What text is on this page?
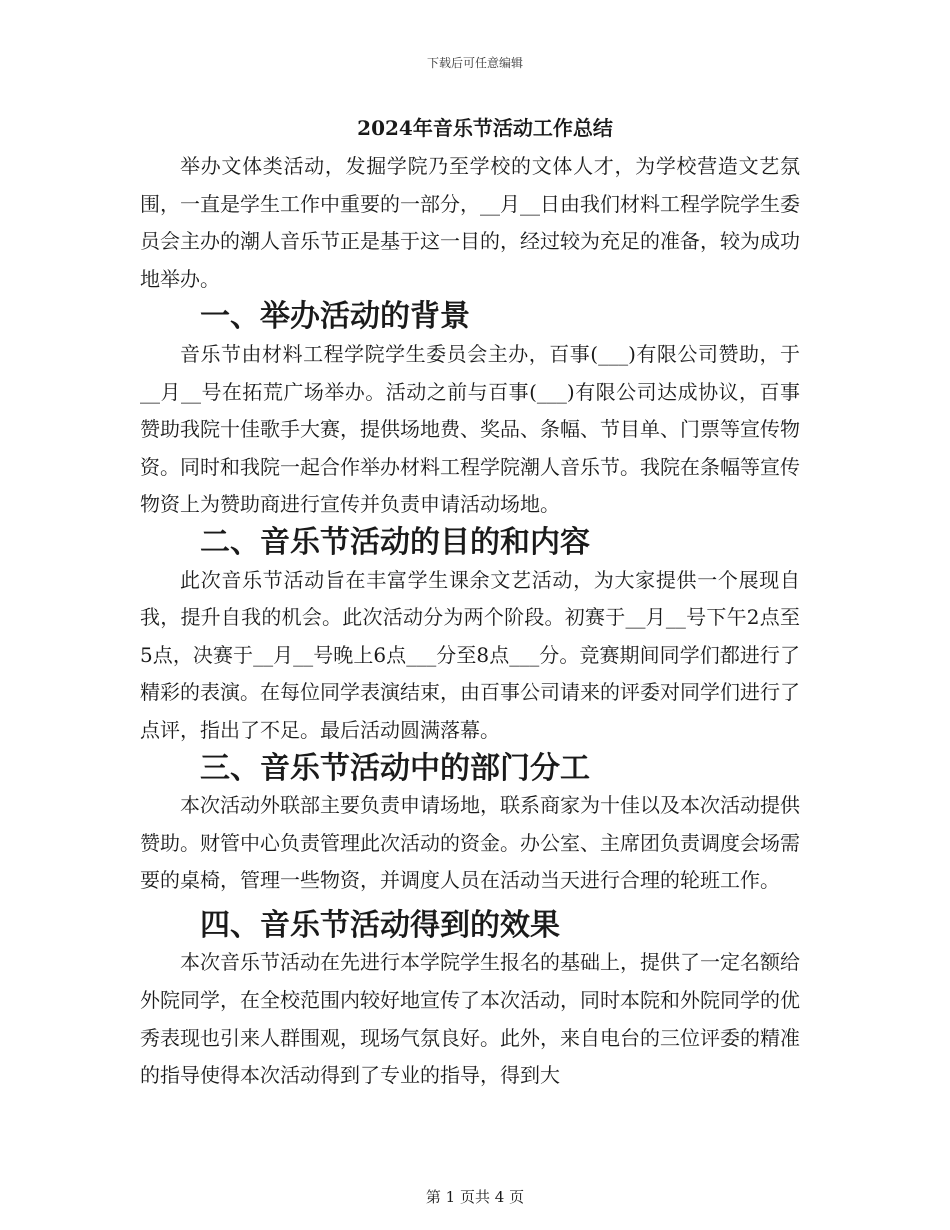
下载后可任意编辑
2024年音乐节活动工作总结

举办文体类活动，发掘学院乃至学校的文体人才，为学校营造文艺氛围，一直是学生工作中重要的一部分，__月__日由我们材料工程学院学生委员会主办的潮人音乐节正是基于这一目的，经过较为充足的准备，较为成功地举办。

一、举办活动的背景

音乐节由材料工程学院学生委员会主办，百事(___)有限公司赞助，于__月__号在拓荒广场举办。活动之前与百事(___)有限公司达成协议，百事赞助我院十佳歌手大赛，提供场地费、奖品、条幅、节目单、门票等宣传物资。同时和我院一起合作举办材料工程学院潮人音乐节。我院在条幅等宣传物资上为赞助商进行宣传并负责申请活动场地。

二、音乐节活动的目的和内容

此次音乐节活动旨在丰富学生课余文艺活动，为大家提供一个展现自我，提升自我的机会。此次活动分为两个阶段。初赛于__月__号下午2点至5点，决赛于__月__号晚上6点___分至8点___分。竞赛期间同学们都进行了精彩的表演。在每位同学表演结束，由百事公司请来的评委对同学们进行了点评，指出了不足。最后活动圆满落幕。

三、音乐节活动中的部门分工

本次活动外联部主要负责申请场地，联系商家为十佳以及本次活动提供赞助。财管中心负责管理此次活动的资金。办公室、主席团负责调度会场需要的桌椅，管理一些物资，并调度人员在活动当天进行合理的轮班工作。

四、音乐节活动得到的效果

本次音乐节活动在先进行本学院学生报名的基础上，提供了一定名额给外院同学，在全校范围内较好地宣传了本次活动，同时本院和外院同学的优秀表现也引来人群围观，现场气氛良好。此外，来自电台的三位评委的精准的指导使得本次活动得到了专业的指导，得到大

第 1 页共 4 页
